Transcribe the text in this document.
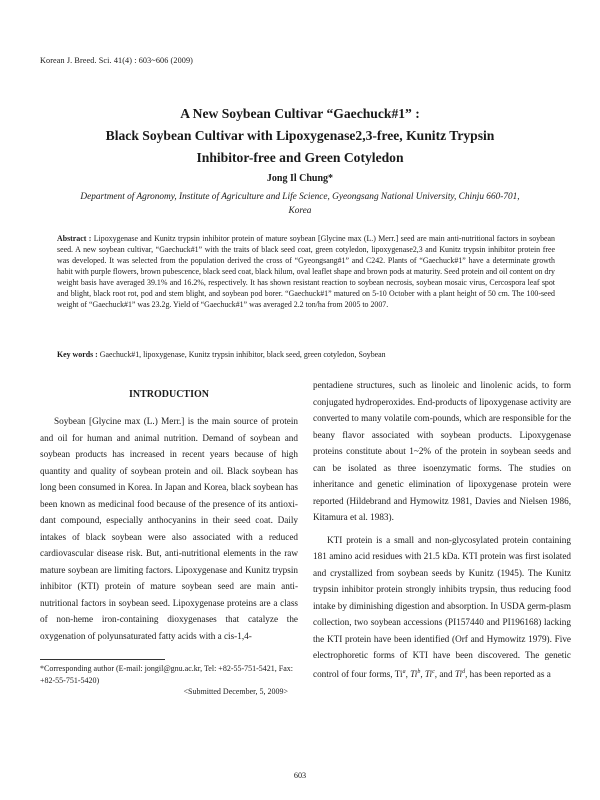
Korean J. Breed. Sci. 41(4) : 603~606 (2009)
A New Soybean Cultivar “Gaechuck#1” :
Black Soybean Cultivar with Lipoxygenase2,3-free, Kunitz Trypsin
Inhibitor-free and Green Cotyledon
Jong Il Chung*
Department of Agronomy, Institute of Agriculture and Life Science, Gyeongsang National University, Chinju 660-701, Korea
Abstract : Lipoxygenase and Kunitz trypsin inhibitor protein of mature soybean [Glycine max (L.) Merr.] seed are main anti-nutritional factors in soybean seed. A new soybean cultivar, “Gaechuck#1” with the traits of black seed coat, green cotyledon, lipoxygenase2,3 and Kunitz trypsin inhibitor protein free was developed. It was selected from the population derived the cross of “Gyeongsang#1” and C242. Plants of “Gaechuck#1” have a determinate growth habit with purple flowers, brown pubescence, black seed coat, black hilum, oval leaflet shape and brown pods at maturity. Seed protein and oil content on dry weight basis have averaged 39.1% and 16.2%, respectively. It has shown resistant reaction to soybean necrosis, soybean mosaic virus, Cercospora leaf spot and blight, black root rot, pod and stem blight, and soybean pod borer. “Gaechuck#1” matured on 5-10 October with a plant height of 50 cm. The 100-seed weight of “Gaechuck#1” was 23.2g. Yield of “Gaechuck#1” was averaged 2.2 ton/ha from 2005 to 2007.
Key words : Gaechuck#1, lipoxygenase, Kunitz trypsin inhibitor, black seed, green cotyledon, Soybean
INTRODUCTION

Soybean [Glycine max (L.) Merr.] is the main source of protein and oil for human and animal nutrition. Demand of soybean and soybean products has increased in recent years because of high quantity and quality of soybean protein and oil. Black soybean has long been consumed in Korea. In Japan and Korea, black soybean has been known as medicinal food because of the presence of its antioxi-dant compound, especially anthocyanins in their seed coat. Daily intakes of black soybean were also associated with a reduced cardiovascular disease risk. But, anti-nutritional elements in the raw mature soybean are limiting factors. Lipoxygenase and Kunitz trypsin inhibitor (KTI) protein of mature soybean seed are main anti-nutritional factors in soybean seed. Lipoxygenase proteins are a class of non-heme iron-containing dioxygenases that catalyze the oxygenation of polyunsaturated fatty acids with a cis-1,4-

pentadiene structures, such as linoleic and linolenic acids, to form conjugated hydroperoxides. End-products of lipoxygenase activity are converted to many volatile com-pounds, which are responsible for the beany flavor associated with soybean products. Lipoxygenase proteins constitute about 1~2% of the protein in soybean seeds and can be isolated as three isoenzymatic forms. The studies on inheritance and genetic elimination of lipoxygenase protein were reported (Hildebrand and Hymowitz 1981, Davies and Nielsen 1986, Kitamura et al. 1983).

KTI protein is a small and non-glycosylated protein containing 181 amino acid residues with 21.5 kDa. KTI protein was first isolated and crystallized from soybean seeds by Kunitz (1945). The Kunitz trypsin inhibitor protein strongly inhibits trypsin, thus reducing food intake by diminishing digestion and absorption. In USDA germ-plasm collection, two soybean accessions (PI157440 and PI196168) lacking the KTI protein have been identified (Orf and Hymowitz 1979). Five electrophoretic forms of KTI have been discovered. The genetic control of four forms, Ti$^a$, Ti$^b$, Ti$^c$, and Ti$^d$, has been reported as a

*Corresponding author (E-mail: jongil@gnu.ac.kr, Tel: +82-55-751-5421, Fax: +82-55-751-5420)
<Submitted December, 5, 2009>
603
